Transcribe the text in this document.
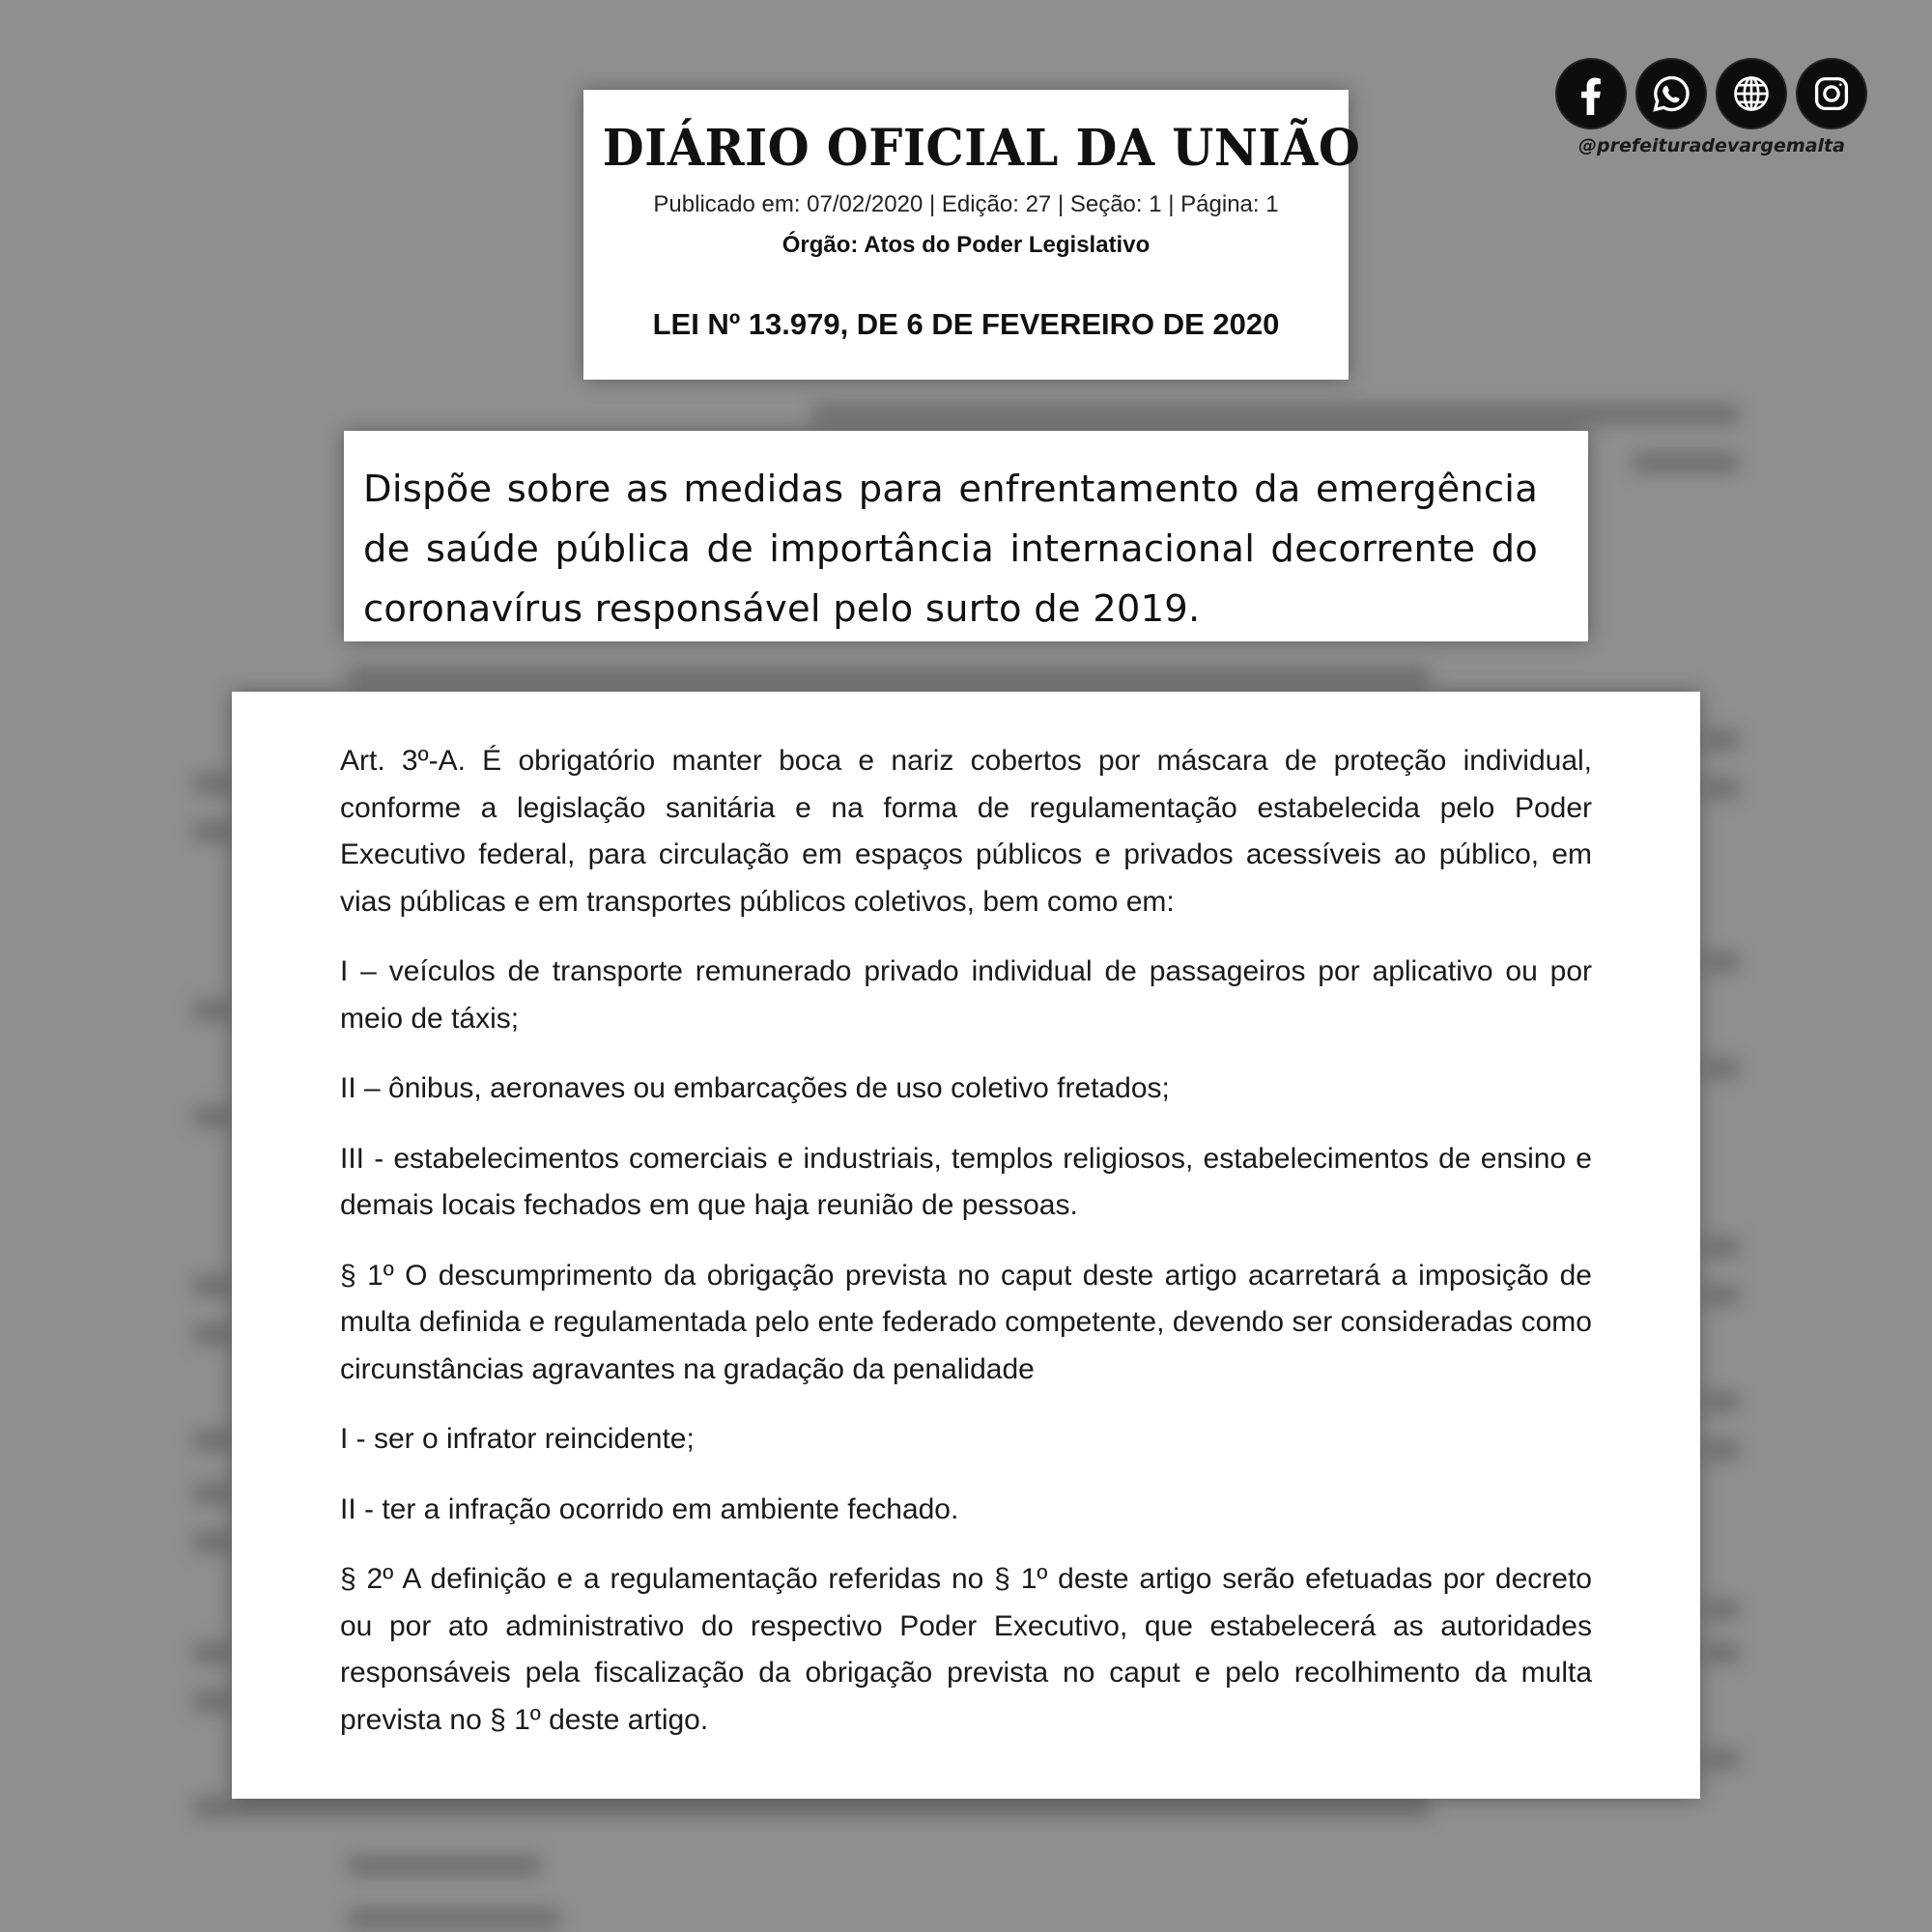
@prefeituradevargemalta
DIÁRIO OFICIAL DA UNIÃO
Publicado em: 07/02/2020 | Edição: 27 | Seção: 1 | Página: 1
Órgão: Atos do Poder Legislativo
LEI Nº 13.979, DE 6 DE FEVEREIRO DE 2020
Dispõe sobre as medidas para enfrentamento da emergência de saúde pública de importância internacional decorrente do coronavírus responsável pelo surto de 2019.

Art. 3º-A. É obrigatório manter boca e nariz cobertos por máscara de proteção individual, conforme a legislação sanitária e na forma de regulamentação estabelecida pelo Poder Executivo federal, para circulação em espaços públicos e privados acessíveis ao público, em vias públicas e em transportes públicos coletivos, bem como em:

I – veículos de transporte remunerado privado individual de passageiros por aplicativo ou por meio de táxis;

II – ônibus, aeronaves ou embarcações de uso coletivo fretados;

III - estabelecimentos comerciais e industriais, templos religiosos, estabelecimentos de ensino e demais locais fechados em que haja reunião de pessoas.

§ 1º O descumprimento da obrigação prevista no caput deste artigo acarretará a imposição de multa definida e regulamentada pelo ente federado competente, devendo ser consideradas como circunstâncias agravantes na gradação da penalidade

I - ser o infrator reincidente;

II - ter a infração ocorrido em ambiente fechado.

§ 2º A definição e a regulamentação referidas no § 1º deste artigo serão efetuadas por decreto ou por ato administrativo do respectivo Poder Executivo, que estabelecerá as autoridades responsáveis pela fiscalização da obrigação prevista no caput e pelo recolhimento da multa prevista no § 1º deste artigo.
